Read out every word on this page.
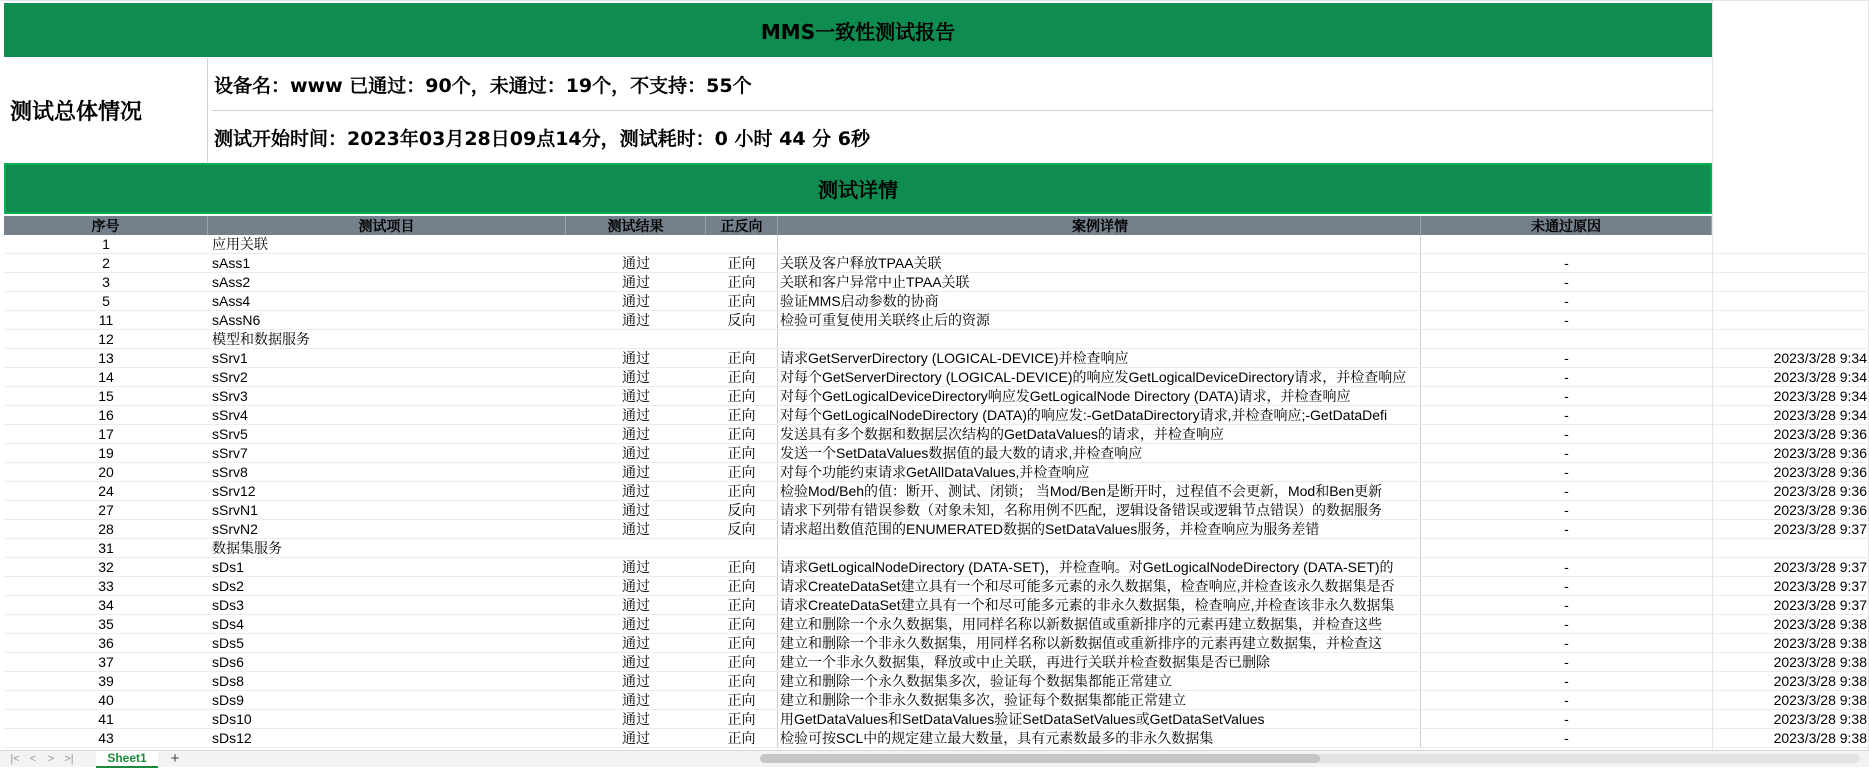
MMS一致性测试报告
测试总体情况
设备名：www 已通过：90个，未通过：19个，不支持：55个
测试开始时间：2023年03月28日09点14分，测试耗时：0 小时 44 分 6秒
测试详情
序号	测试项目	测试结果	正反向	案例详情	未通过原因
1	应用关联
2	sAss1	通过	正向	关联及客户释放TPAA关联	-
3	sAss2	通过	正向	关联和客户异常中止TPAA关联	-
5	sAss4	通过	正向	验证MMS启动参数的协商	-
11	sAssN6	通过	反向	检验可重复使用关联终止后的资源	-
12	模型和数据服务
13	sSrv1	通过	正向	请求GetServerDirectory (LOGICAL-DEVICE)并检查响应	-	2023/3/28 9:34
14	sSrv2	通过	正向	对每个GetServerDirectory (LOGICAL-DEVICE)的响应发GetLogicalDeviceDirectory请求，并检查响应	-	2023/3/28 9:34
15	sSrv3	通过	正向	对每个GetLogicalDeviceDirectory响应发GetLogicalNode Directory (DATA)请求，并检查响应	-	2023/3/28 9:34
16	sSrv4	通过	正向	对每个GetLogicalNodeDirectory (DATA)的响应发:-GetDataDirectory请求,并检查响应;-GetDataDefi	-	2023/3/28 9:34
17	sSrv5	通过	正向	发送具有多个数据和数据层次结构的GetDataValues的请求，并检查响应	-	2023/3/28 9:36
19	sSrv7	通过	正向	发送一个SetDataValues数据值的最大数的请求,并检查响应	-	2023/3/28 9:36
20	sSrv8	通过	正向	对每个功能约束请求GetAllDataValues,并检查响应	-	2023/3/28 9:36
24	sSrv12	通过	正向	检验Mod/Beh的值：断开、测试、闭锁； 当Mod/Ben是断开时，过程值不会更新，Mod和Ben更新	-	2023/3/28 9:36
27	sSrvN1	通过	反向	请求下列带有错误参数（对象未知，名称用例不匹配，逻辑设备错误或逻辑节点错误）的数据服务	-	2023/3/28 9:36
28	sSrvN2	通过	反向	请求超出数值范围的ENUMERATED数据的SetDataValues服务，并检查响应为服务差错	-	2023/3/28 9:37
31	数据集服务
32	sDs1	通过	正向	请求GetLogicalNodeDirectory (DATA-SET)，并检查响。对GetLogicalNodeDirectory (DATA-SET)的	-	2023/3/28 9:37
33	sDs2	通过	正向	请求CreateDataSet建立具有一个和尽可能多元素的永久数据集，检查响应,并检查该永久数据集是否	-	2023/3/28 9:37
34	sDs3	通过	正向	请求CreateDataSet建立具有一个和尽可能多元素的非永久数据集，检查响应,并检查该非永久数据集	-	2023/3/28 9:37
35	sDs4	通过	正向	建立和删除一个永久数据集，用同样名称以新数据值或重新排序的元素再建立数据集，并检查这些	-	2023/3/28 9:38
36	sDs5	通过	正向	建立和删除一个非永久数据集，用同样名称以新数据值或重新排序的元素再建立数据集，并检查这	-	2023/3/28 9:38
37	sDs6	通过	正向	建立一个非永久数据集，释放或中止关联，再进行关联并检查数据集是否已删除	-	2023/3/28 9:38
39	sDs8	通过	正向	建立和删除一个永久数据集多次，验证每个数据集都能正常建立	-	2023/3/28 9:38
40	sDs9	通过	正向	建立和删除一个非永久数据集多次，验证每个数据集都能正常建立	-	2023/3/28 9:38
41	sDs10	通过	正向	用GetDataValues和SetDataValues验证SetDataSetValues或GetDataSetValues	-	2023/3/28 9:38
43	sDs12	通过	正向	检验可按SCL中的规定建立最大数量，具有元素数最多的非永久数据集	-	2023/3/28 9:38
|< <	> >|	Sheet1	+
